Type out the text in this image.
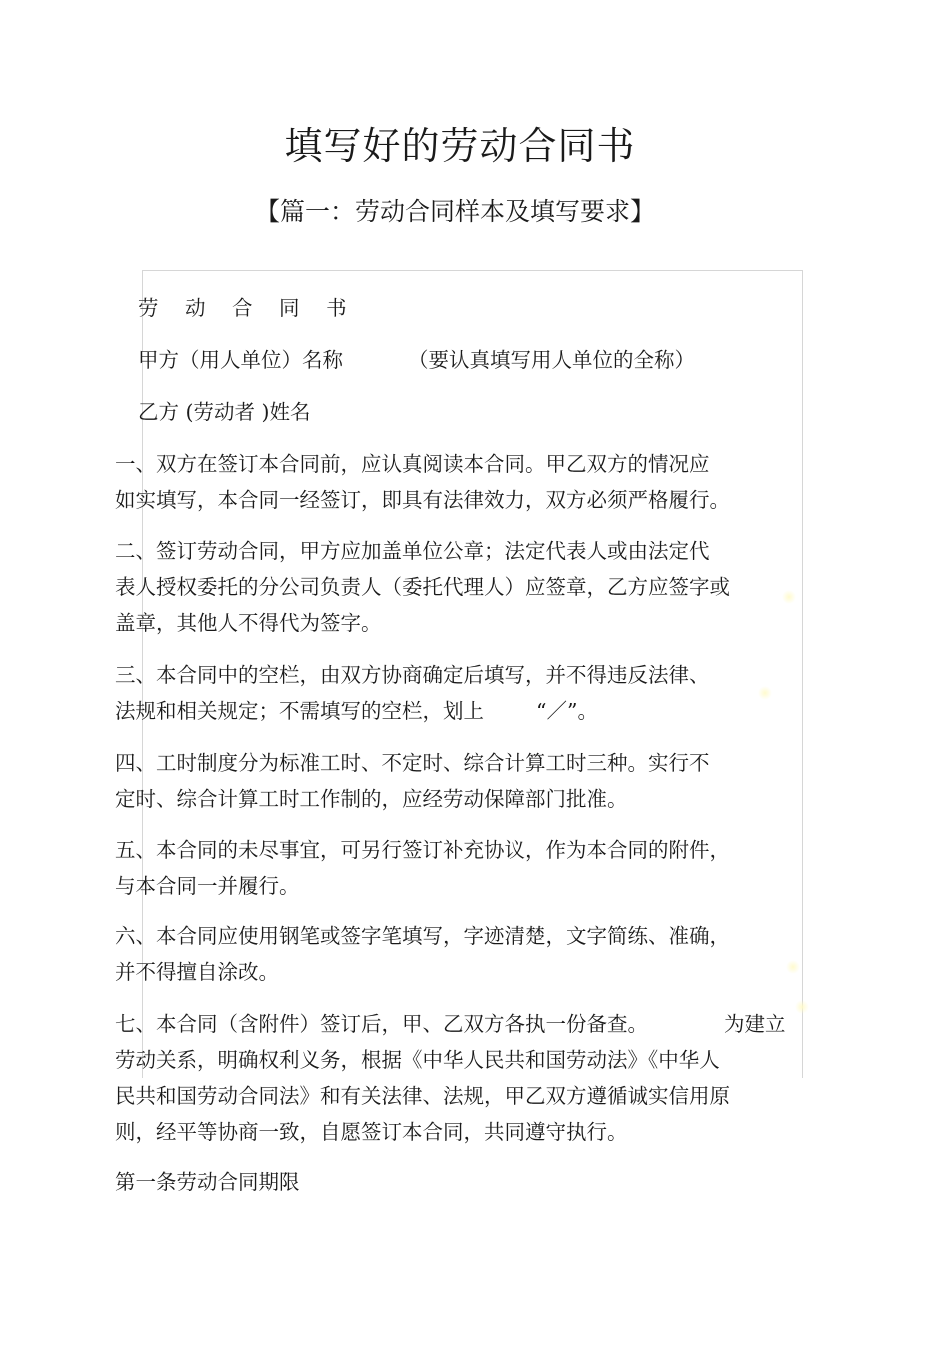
填写好的劳动合同书
【篇一：劳动合同样本及填写要求】
劳 动 合 同 书
甲方（用人单位）名称	（要认真填写用人单位的全称）
乙方 (劳动者 )姓名

一、双方在签订本合同前，应认真阅读本合同。甲乙双方的情况应

如实填写，本合同一经签订，即具有法律效力，双方必须严格履行。

二、签订劳动合同，甲方应加盖单位公章；法定代表人或由法定代

表人授权委托的分公司负责人（委托代理人）应签章，乙方应签字或

盖章，其他人不得代为签字。

三、本合同中的空栏，由双方协商确定后填写，并不得违反法律、

法规和相关规定；不需填写的空栏，划上	“／”。

四、工时制度分为标准工时、不定时、综合计算工时三种。实行不

定时、综合计算工时工作制的，应经劳动保障部门批准。

五、本合同的未尽事宜，可另行签订补充协议，作为本合同的附件，

与本合同一并履行。

六、本合同应使用钢笔或签字笔填写，字迹清楚，文字简练、准确，

并不得擅自涂改。

七、本合同（含附件）签订后，甲、乙双方各执一份备查。	为建立

劳动关系，明确权利义务，根据《中华人民共和国劳动法》《中华人

民共和国劳动合同法》和有关法律、法规，甲乙双方遵循诚实信用原

则，经平等协商一致，自愿签订本合同，共同遵守执行。

第一条劳动合同期限
